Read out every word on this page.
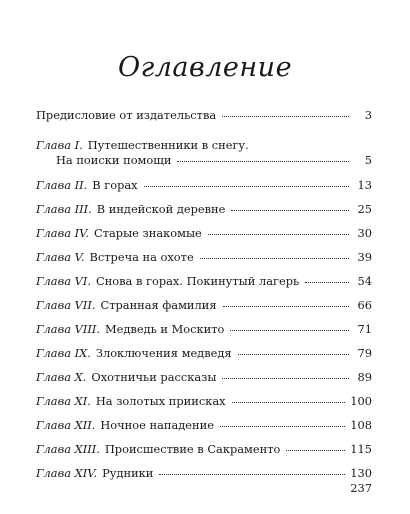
Оглавление
Предисловие от издательства	3
Глава I. Путешественники в снегу.
На поиски помощи	5
Глава II. В горах	13
Глава III. В индейской деревне	25
Глава IV. Старые знакомые	30
Глава V. Встреча на охоте	39
Глава VI. Снова в горах. Покинутый лагерь	54
Глава VII. Странная фамилия	66
Глава VIII. Медведь и Москито	71
Глава IX. Злоключения медведя	79
Глава X. Охотничьи рассказы	89
Глава XI. На золотых приисках	100
Глава XII. Ночное нападение	108
Глава XIII. Происшествие в Сакраменто	115
Глава XIV. Рудники	130
237
